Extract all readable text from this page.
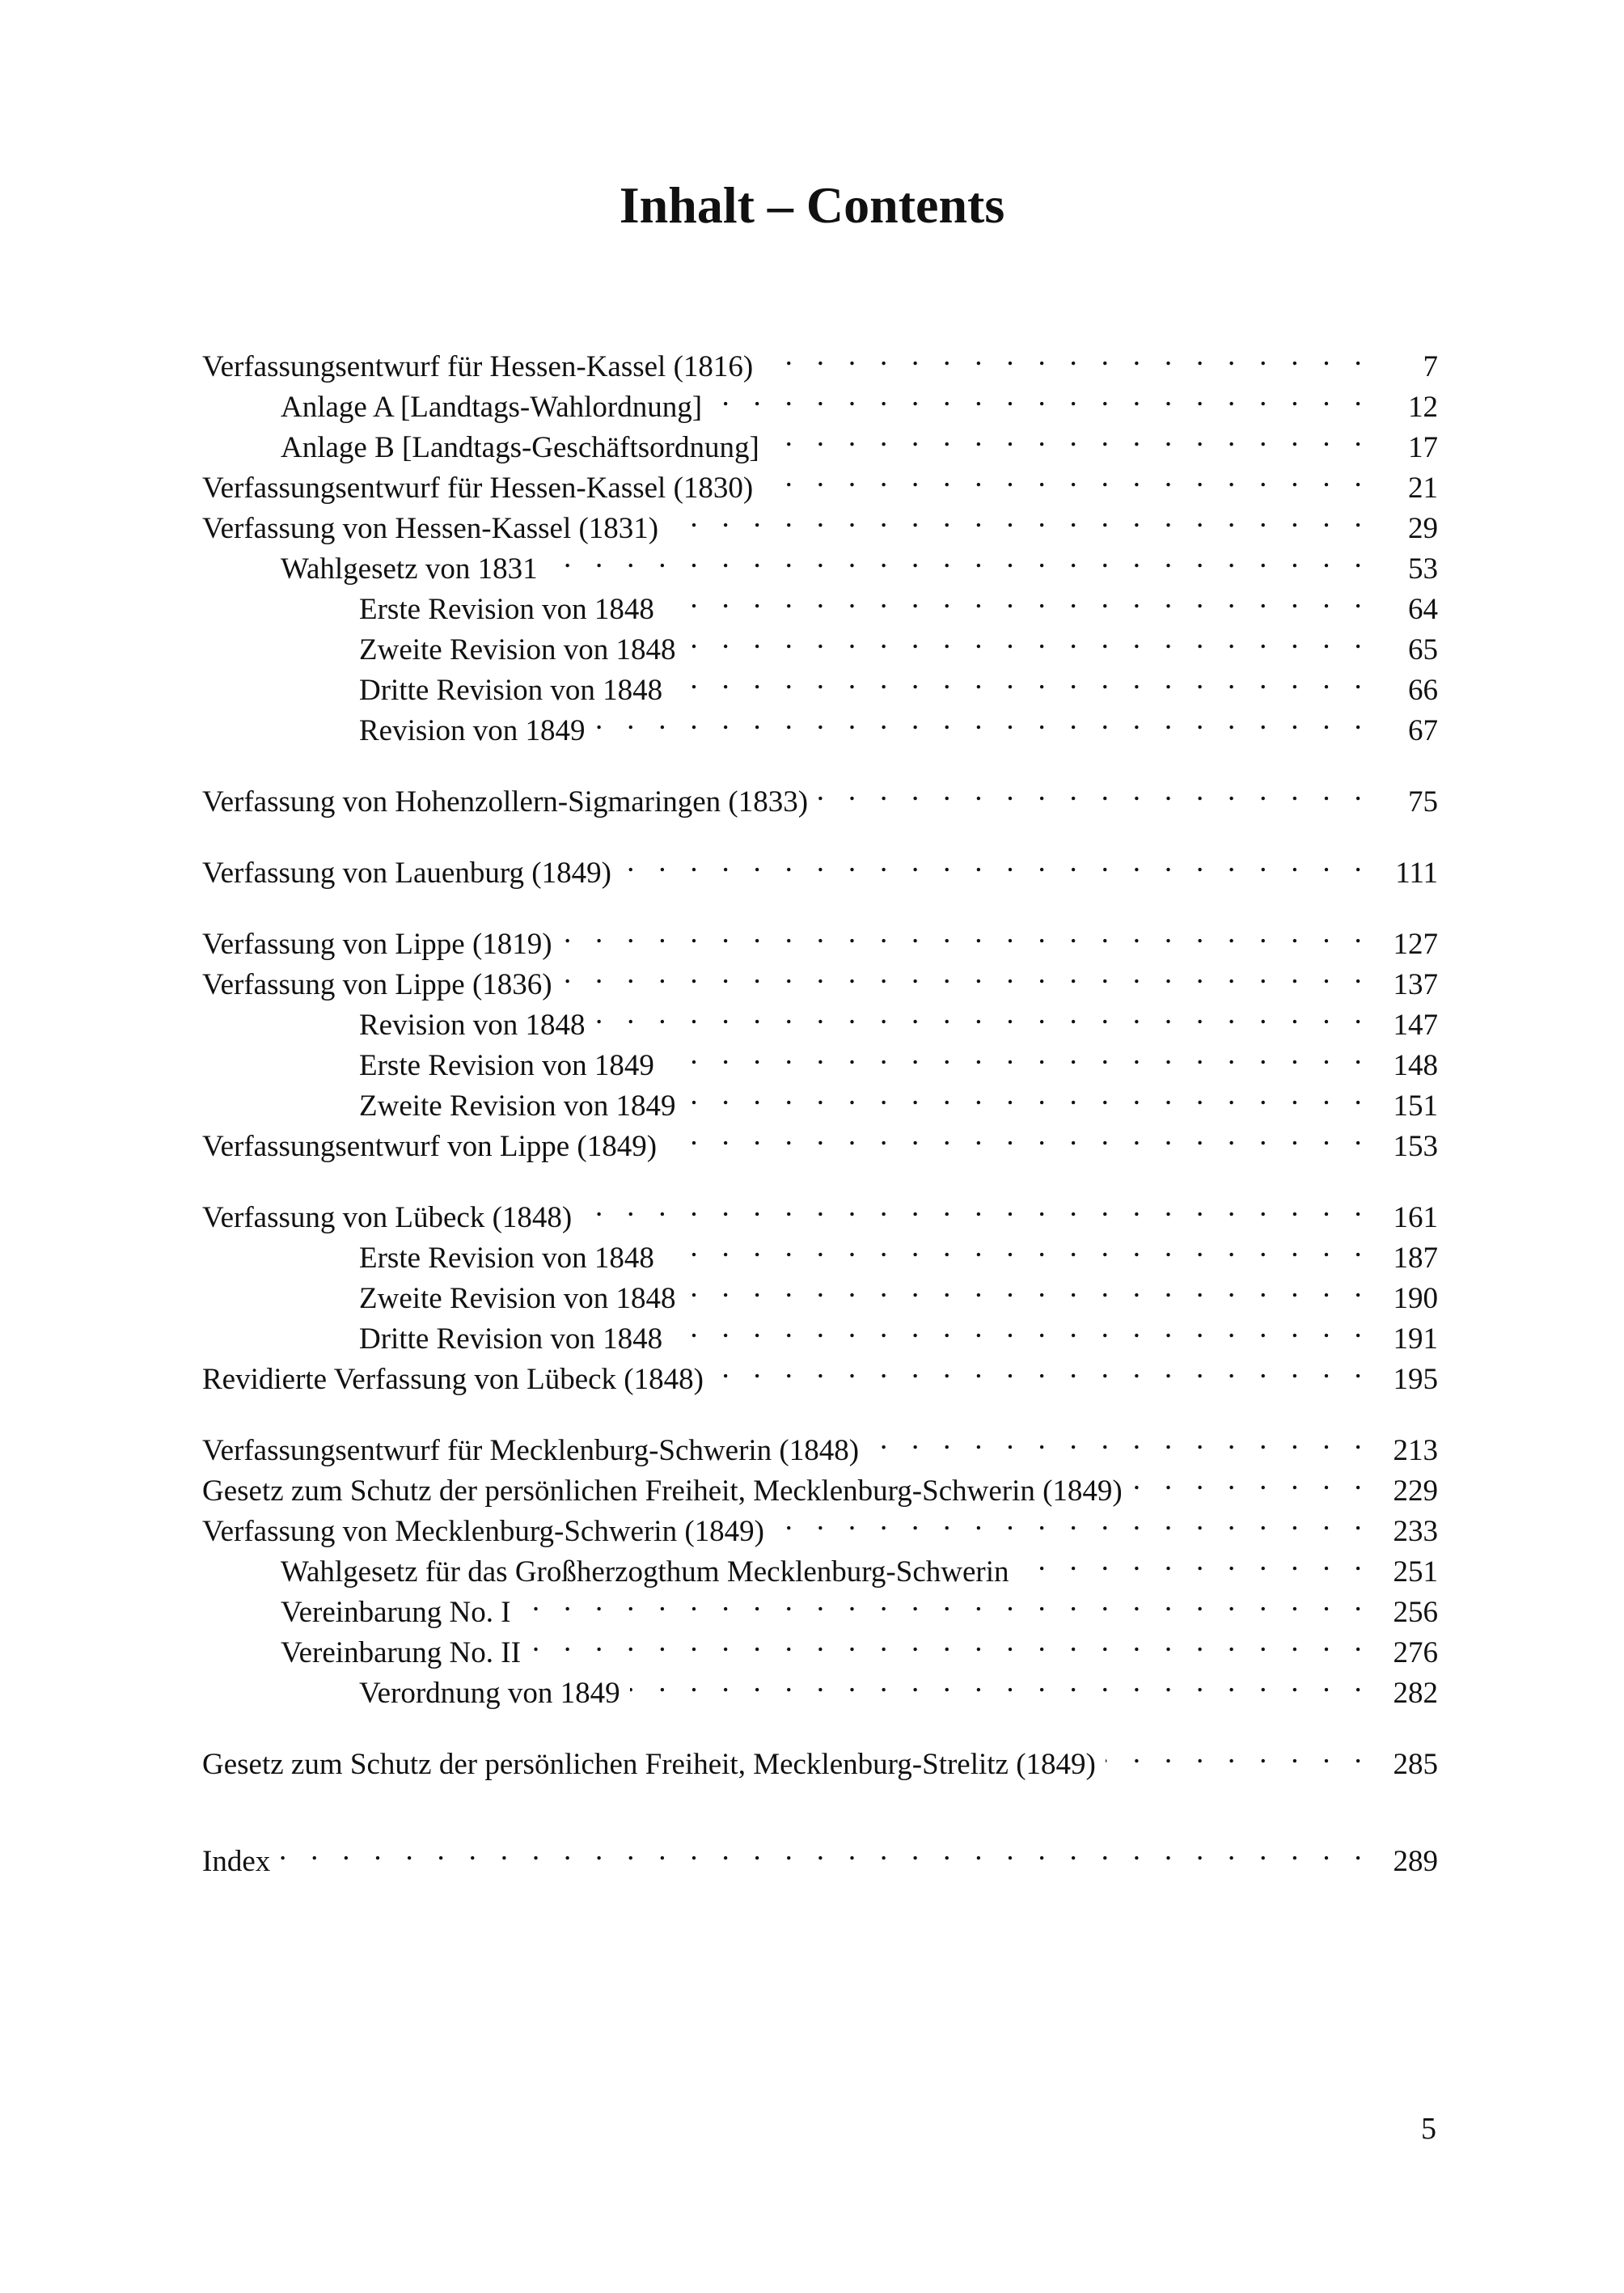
Inhalt – Contents
Verfassungsentwurf für Hessen-Kassel (1816) . . .	7
Anlage A [Landtags-Wahlordnung] . . .	12
Anlage B [Landtags-Geschäftsordnung] . . .	17
Verfassungsentwurf für Hessen-Kassel (1830) . . .	21
Verfassung von Hessen-Kassel (1831) . . .	29
Wahlgesetz von 1831 . . .	53
Erste Revision von 1848 . . .	64
Zweite Revision von 1848 . . .	65
Dritte Revision von 1848 . . .	66
Revision von 1849 . . .	67
Verfassung von Hohenzollern-Sigmaringen (1833) . . .	75
Verfassung von Lauenburg (1849) . . .	111
Verfassung von Lippe (1819) . . .	127
Verfassung von Lippe (1836) . . .	137
Revision von 1848 . . .	147
Erste Revision von 1849 . . .	148
Zweite Revision von 1849 . . .	151
Verfassungsentwurf von Lippe (1849) . . .	153
Verfassung von Lübeck (1848) . . .	161
Erste Revision von 1848 . . .	187
Zweite Revision von 1848 . . .	190
Dritte Revision von 1848 . . .	191
Revidierte Verfassung von Lübeck (1848) . . .	195
Verfassungsentwurf für Mecklenburg-Schwerin (1848) . . .	213
Gesetz zum Schutz der persönlichen Freiheit, Mecklenburg-Schwerin (1849) . . .	229
Verfassung von Mecklenburg-Schwerin (1849) . . .	233
Wahlgesetz für das Großherzogthum Mecklenburg-Schwerin . . .	251
Vereinbarung No. I . . .	256
Vereinbarung No. II . . .	276
Verordnung von 1849 . . .	282
Gesetz zum Schutz der persönlichen Freiheit, Mecklenburg-Strelitz (1849) . . .	285
Index . . .	289

5
